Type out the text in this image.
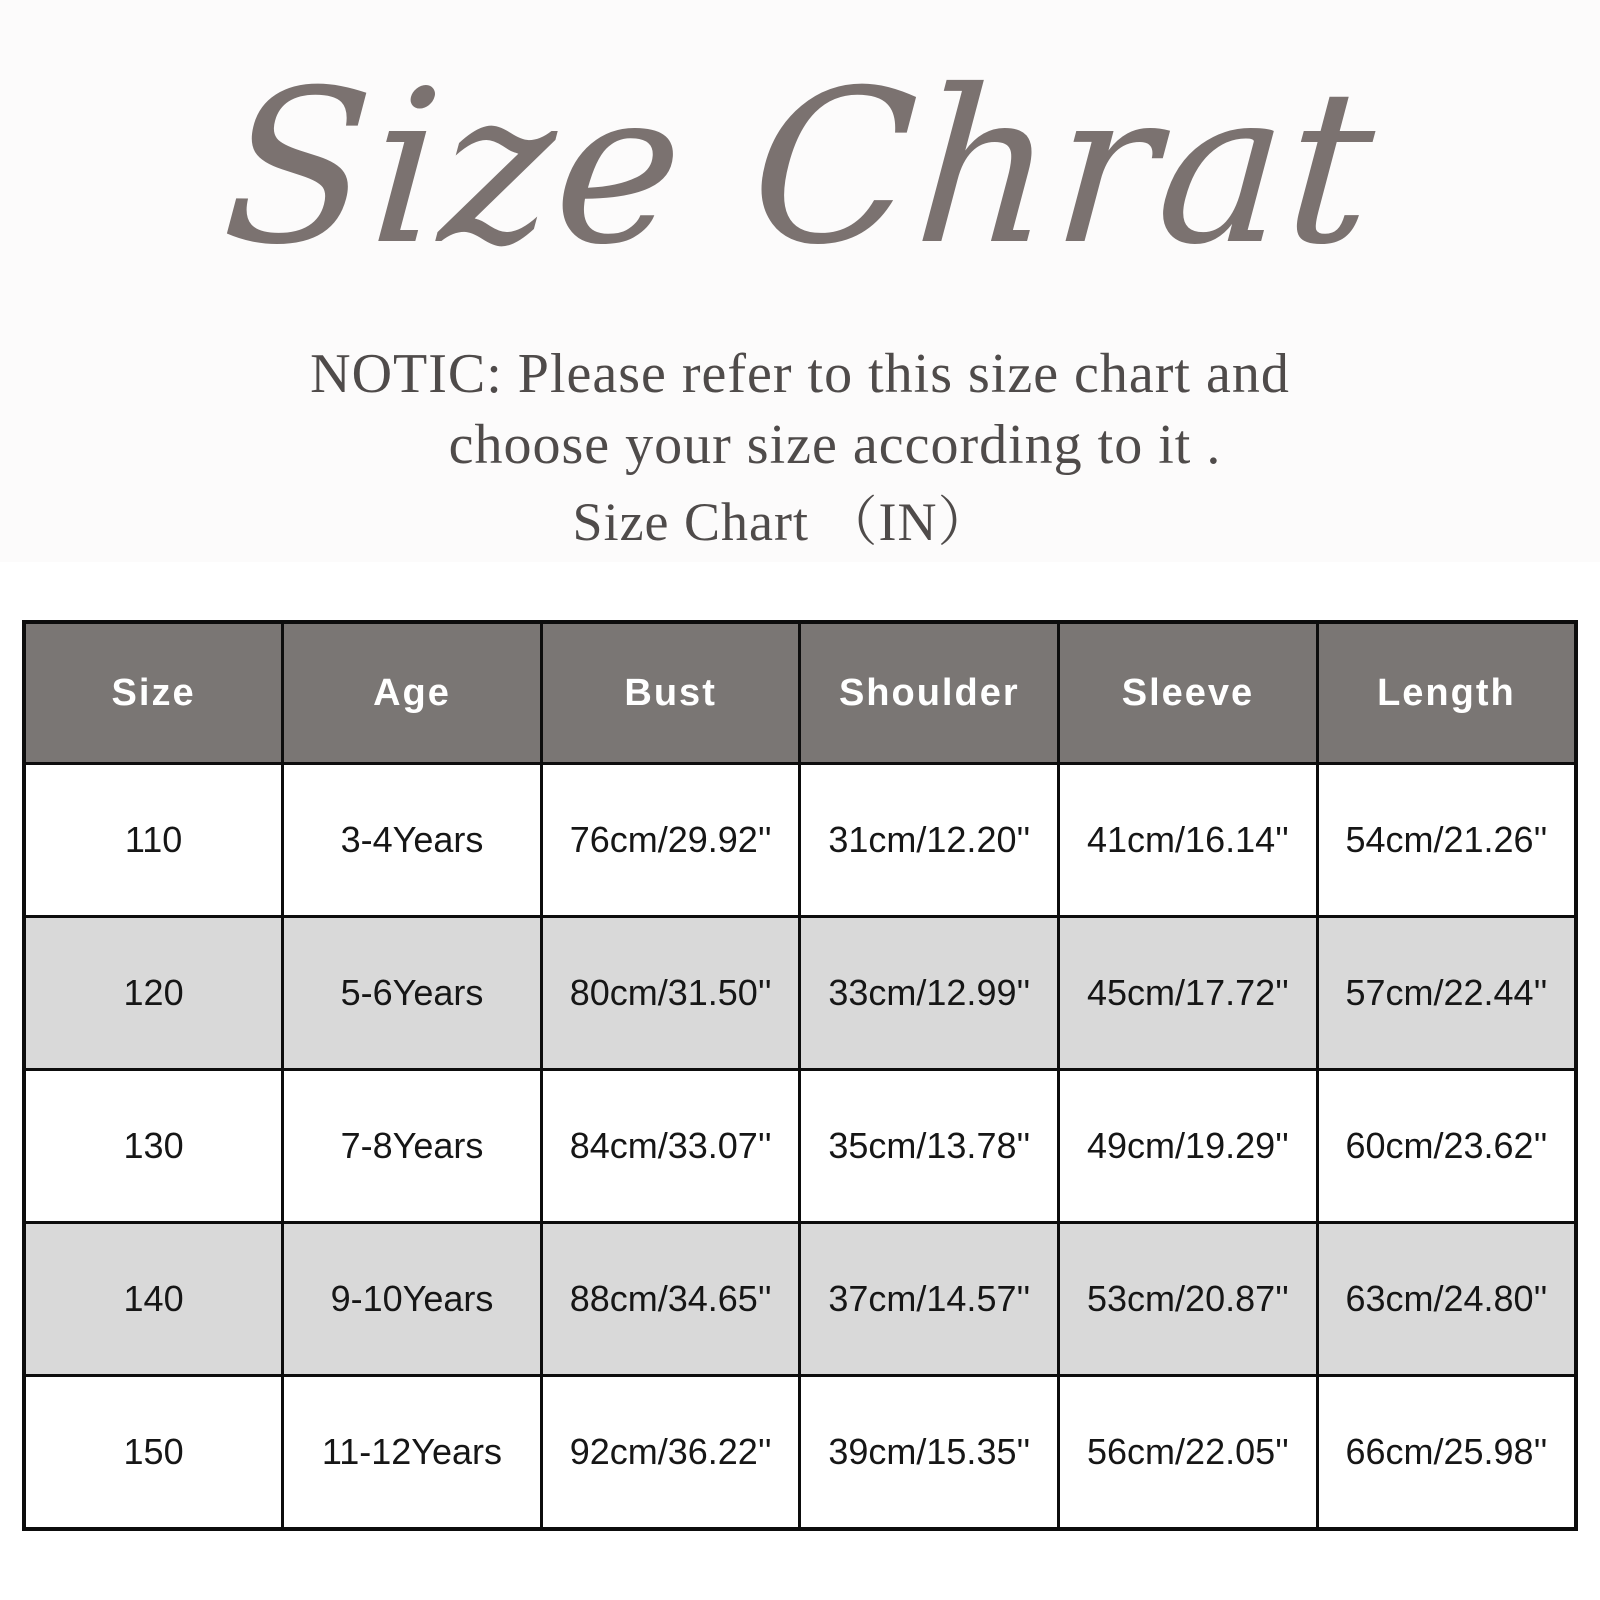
Size Chrat
NOTIC: Please refer to this size chart and
choose your size according to it .
Size Chart （IN）
Size	Age	Bust	Shoulder	Sleeve	Length
110	3-4Years	76cm/29.92''	31cm/12.20''	41cm/16.14''	54cm/21.26''
120	5-6Years	80cm/31.50''	33cm/12.99''	45cm/17.72''	57cm/22.44''
130	7-8Years	84cm/33.07''	35cm/13.78''	49cm/19.29''	60cm/23.62''
140	9-10Years	88cm/34.65''	37cm/14.57''	53cm/20.87''	63cm/24.80''
150	11-12Years	92cm/36.22''	39cm/15.35''	56cm/22.05''	66cm/25.98''
